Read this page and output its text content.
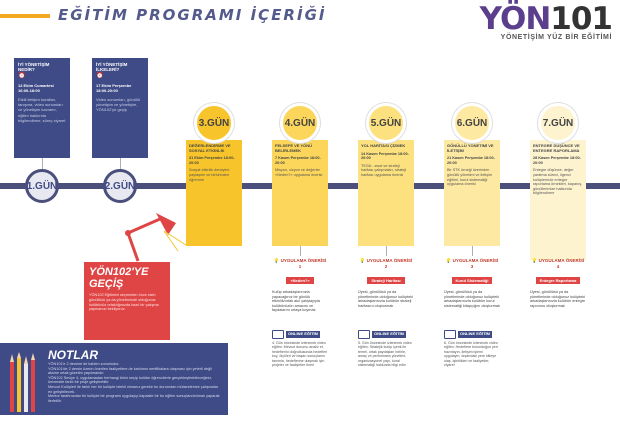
EĞİTİM PROGRAMI İÇERİĞİ	YÖN101
YÖNETİŞİM YÜZ BİR EĞİTİMİ
İYİ YÖNETİŞİM NEDİR?
⏰
12 Ekim Cumartesi 16:00-18:00
Etkili iletişim kuralları, tanışma, video sunumları ve yönetişim kavramı, eğitim hakkında bilgilendirme, süreç ziyaret
İYİ YÖNETİŞİM İLKELERİ?
⏰
17 Ekim Perşembe 18:00-20:00
Video sunumları, gönüllü yönetişim ve yönetişim, YÖN102'ye geçiş
1.GÜN	2.GÜN
DEĞERLENDİRME VE SOSYAL ETKİNLİK
31 Ekim Perşembe 18:00-20:00
Sosyal etkinlik deneyimi paylaşımı ve birbirinden öğrenme
FELSEFE VE YÖNÜ BELİRLEMEK
7 Kasım Perşembe 18:00-20:00
Misyon, vizyon ve değerler «Neden?» uygulama önerisi
YOL HARİTASI ÇİZMEK
14 Kasım Perşembe 18:00-20:00
TEGA - swot ve strateji haritası çalışmaları, strateji haritası uygulama önerisi
GÖNÜLLÜ YÖNETİMİ VE İLETİŞİM
21 Kasım Perşembe 18:00-20:00
Bir STK örneği üzerinden gönüllü yönetimi ve iletişim eğitimi, kurul sistematiği uygulama önerisi
ENTEGRE DÜŞÜNCE VE ENTEGRE RAPORLAMA
28 Kasım Perşembe 18:00-20:00
Entegre düşünce, değer yaratma süreci, ilgenci kulüplerinde entegre raporlama örnekleri, kapanış, gönüllerimize hakkında bilgilendirme
3.GÜN	4.GÜN	5.GÜN	6.GÜN	7.GÜN
YÖN102'YE GEÇİŞ
YÖN102 Eğitimini seçmeden önce sizin gönüllüsü ya da yönetiminde olduğunuz kulübünüz ortaklığınızda bazıl bir çalışma yapmanızı bekliyoruz.
💡 UYGULAMA ÖNERİSİ 1
«Neden?»
Kulüp arkadaşlarınızla yapacağınız bir günlük etkinlik/ortak akıl çalıştayıyla kulübünüzün amacını ve faydalarını ortaya koymak
💡 UYGULAMA ÖNERİSİ 2
Strateji Haritası
Üyesi, gönüllüsü ya da yönetiminde olduğunuz kulüpteki arkadaşlarınızla kulübün strateji haritasını oluşturmak
💡 UYGULAMA ÖNERİSİ 3
Kurul Sistematiği
Üyesi, gönüllüsü ya da yönetiminde olduğunuz kulüpteki arkadaşlarınızla kulübün kurul sistematiği kitapçığını oluşturmak
💡 UYGULAMA ÖNERİSİ 4
Entegre Raporlama
Üyesi, gönüllüsü ya da yönetiminde olduğunuz kulüpteki arkadaşlarınızla kulübün entegre raporunu oluşturmak
ONLINE EĞİTİM
4. Gün öncesinde izlenecek video eğitim: Mevcut durumu analiz et, hedeflerini doğrultusunda hedefleri koy, ölçüleri ve başarı sonuçlarını tanımla, hedeflerine ulaşmak için projeler ve faaliyetler öneri
ONLINE EĞİTİM
5. Gün öncesinde izlenecek video eğitim: Stratejik kulüp içerik ile temel, ortak paydaşları belirle, amaç ve performans yönetimi, organizasyonel yapı, kural sistematiği hakkında bilgi edin
ONLINE EĞİTİM
6. Gün öncesinde izlenecek video eğitim: Hedeflere bulunduğun yeri hazırlayın, iletişim işlemi uygulayın, dışarıdaki yere kitleye ulaş, işbirlikleri ve faaliyetler, ziyaret
NOTLAR
YÖN101'e 2 dersine de katılım zorunludur.
YÖN101'de 2 dersin üzerin önerilen faaliyetlere de katılımın sertifikalara ulaşması için yeterli değil aksine ortak gözetim yapılmalıdır.
YÖN102 Seviye 4, uygulamadan herhangi birini seçip kulübe öğrencilerle gerçekleştirebileceğiniz, üniversite farklı bir proje geliştirebilir.
Mevcut Kulüpleri ile farklı her bir kulüpte istekli olmanız gerekir bu durumdan mütavelenize çalışmalar en geliştirilecek.
Mentor tarafınızdan bir kulüpte bir programı uygulayıp kapasite bir bu eğitim sonuçlandırılmalı yaparak ilerletilir.
